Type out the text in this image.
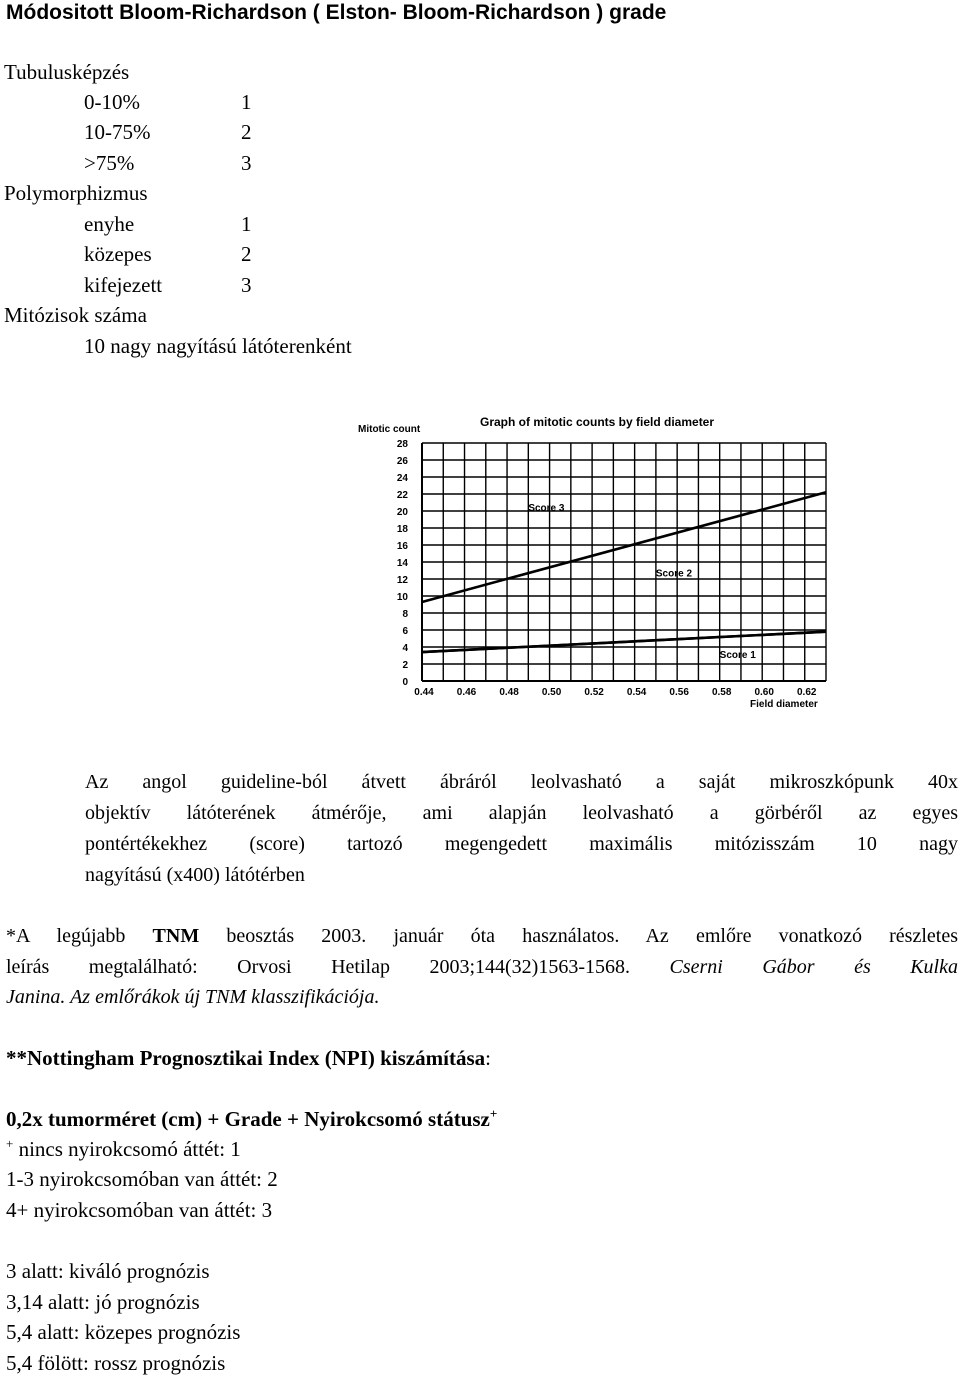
Módositott Bloom-Richardson ( Elston- Bloom-Richardson ) grade
Tubulusképzés
0-10%	1
10-75%	2
>75%	3
Polymorphizmus
enyhe	1
közepes	2
kifejezett	3
Mitózisok száma
10 nagy nagyítású látóterenként
0
2
4
6
8
10
12
14
16
18
20
22
24
26
28
0.44 0.46 0.48 0.50 0.52 0.54 0.56 0.58 0.60 0.62
Score 3
Score 2
Score 1
Mitotic count
Graph of mitotic counts by field diameter
Field diameter
Az angol guideline-ból átvett ábráról leolvasható a saját mikroszkópunk 40x
objektív látóterének átmérője, ami alapján leolvasható a görbéről az egyes
pontértékekhez (score) tartozó megengedett maximális mitózisszám 10 nagy
nagyítású (x400) látótérben
*A legújabb TNM beosztás 2003. január óta használatos. Az emlőre vonatkozó részletes
leírás megtalálható: Orvosi Hetilap 2003;144(32)1563-1568. Cserni Gábor és Kulka
Janina. Az emlőrákok új TNM klasszifikációja.
**Nottingham Prognosztikai Index (NPI) kiszámítása:
0,2x tumorméret (cm) + Grade + Nyirokcsomó státusz+
+ nincs nyirokcsomó áttét: 1
1-3 nyirokcsomóban van áttét: 2
4+ nyirokcsomóban van áttét: 3
3 alatt: kiváló prognózis
3,14 alatt: jó prognózis
5,4 alatt: közepes prognózis
5,4 fölött: rossz prognózis
